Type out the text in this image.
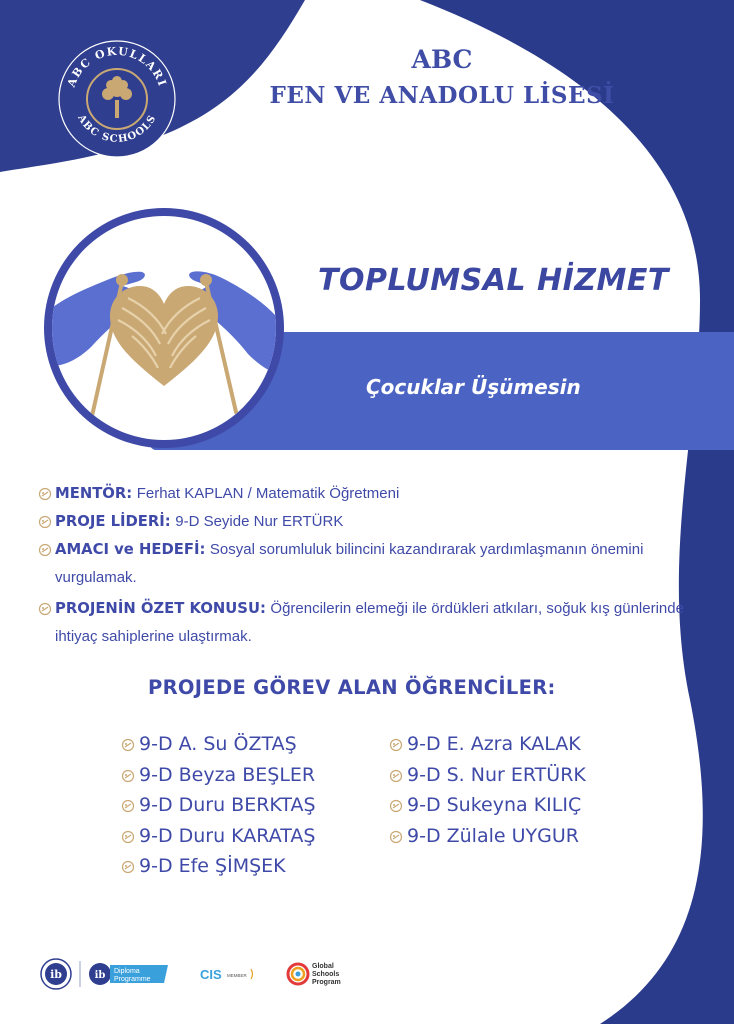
ABC OKULLARI
ABC SCHOOLS
ABC
FEN VE ANADOLU LİSESİ
TOPLUMSAL HİZMET
Çocuklar Üşümesin
MENTÖR: Ferhat KAPLAN / Matematik Öğretmeni
PROJE LİDERİ: 9-D Seyide Nur ERTÜRK
AMACI ve HEDEFİ: Sosyal sorumluluk bilincini kazandırarak yardımlaşmanın önemini vurgulamak.
PROJENİN ÖZET KONUSU: Öğrencilerin elemeği ile ördükleri atkıları, soğuk kış günlerinde ihtiyaç sahiplerine ulaştırmak.
PROJEDE GÖREV ALAN ÖĞRENCİLER:
9-D A. Su ÖZTAŞ
9-D Beyza BEŞLER
9-D Duru BERKTAŞ
9-D Duru KARATAŞ
9-D Efe ŞİMŞEK
9-D E. Azra KALAK
9-D S. Nur ERTÜRK
9-D Sukeyna KILIÇ
9-D Zülale UYGUR
ib	ib Diploma
Programme	CIS MEMBER
Global
Schools
Program
